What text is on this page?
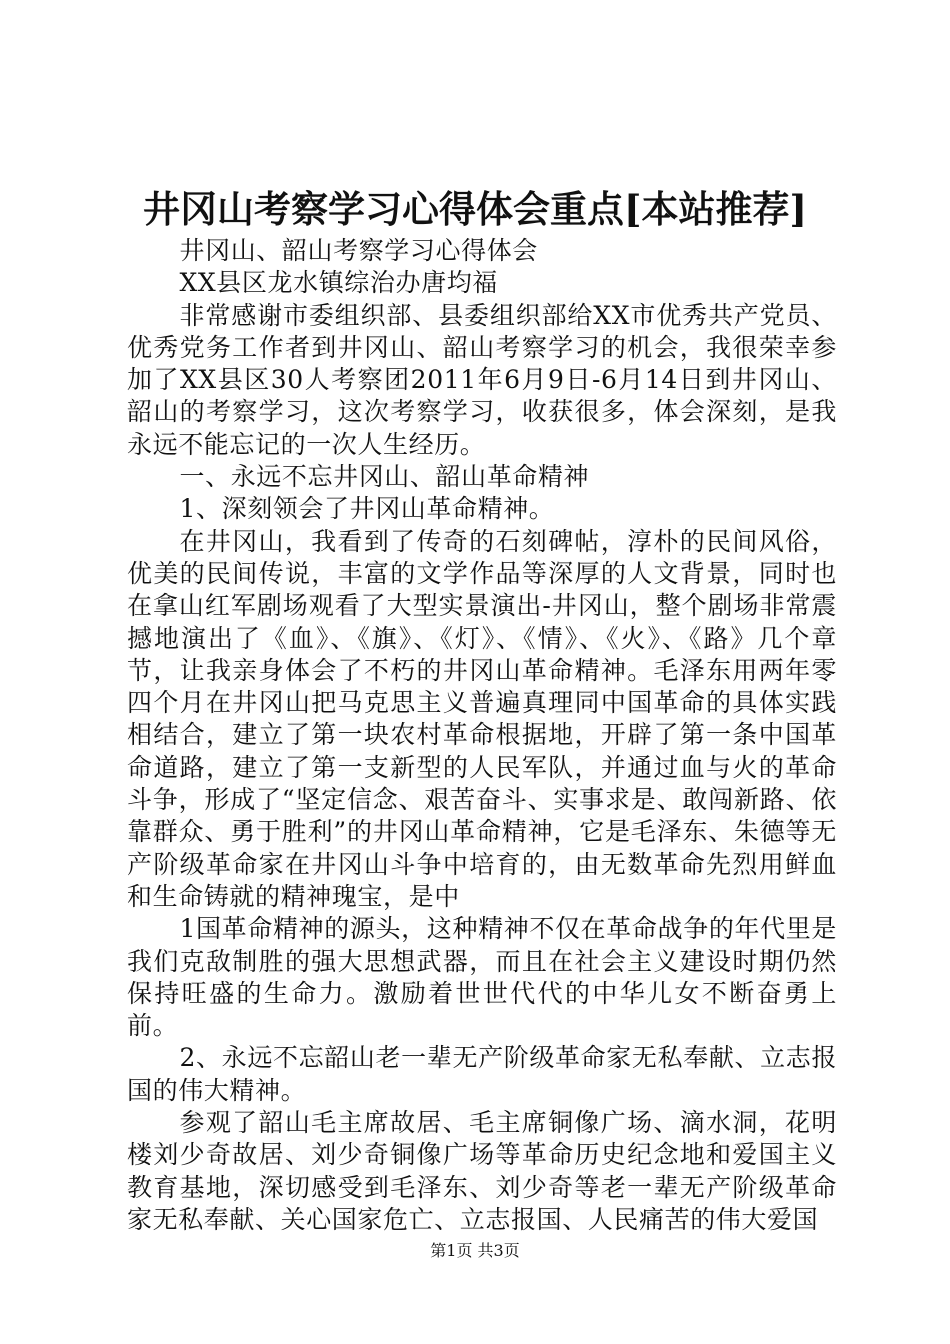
井冈山考察学习心得体会重点[本站推荐]

井冈山、韶山考察学习心得体会

XX县区龙水镇综治办唐均福

非常感谢市委组织部、县委组织部给XX市优秀共产党员、优秀党务工作者到井冈山、韶山考察学习的机会，我很荣幸参加了XX县区30人考察团2011年6月9日-6月14日到井冈山、韶山的考察学习，这次考察学习，收获很多，体会深刻，是我永远不能忘记的一次人生经历。

一、永远不忘井冈山、韶山革命精神

1、深刻领会了井冈山革命精神。

在井冈山，我看到了传奇的石刻碑帖，淳朴的民间风俗，优美的民间传说，丰富的文学作品等深厚的人文背景，同时也在拿山红军剧场观看了大型实景演出-井冈山，整个剧场非常震撼地演出了《血》、《旗》、《灯》、《情》、《火》、《路》几个章节，让我亲身体会了不朽的井冈山革命精神。毛泽东用两年零四个月在井冈山把马克思主义普遍真理同中国革命的具体实践相结合，建立了第一块农村革命根据地，开辟了第一条中国革命道路，建立了第一支新型的人民军队，并通过血与火的革命斗争，形成了“坚定信念、艰苦奋斗、实事求是、敢闯新路、依靠群众、勇于胜利”的井冈山革命精神，它是毛泽东、朱德等无产阶级革命家在井冈山斗争中培育的，由无数革命先烈用鲜血和生命铸就的精神瑰宝，是中

1国革命精神的源头，这种精神不仅在革命战争的年代里是我们克敌制胜的强大思想武器，而且在社会主义建设时期仍然保持旺盛的生命力。激励着世世代代的中华儿女不断奋勇上前。

2、永远不忘韶山老一辈无产阶级革命家无私奉献、立志报国的伟大精神。

参观了韶山毛主席故居、毛主席铜像广场、滴水洞，花明楼刘少奇故居、刘少奇铜像广场等革命历史纪念地和爱国主义教育基地，深切感受到毛泽东、刘少奇等老一辈无产阶级革命家无私奉献、关心国家危亡、立志报国、人民痛苦的伟大爱国

第1页 共3页
